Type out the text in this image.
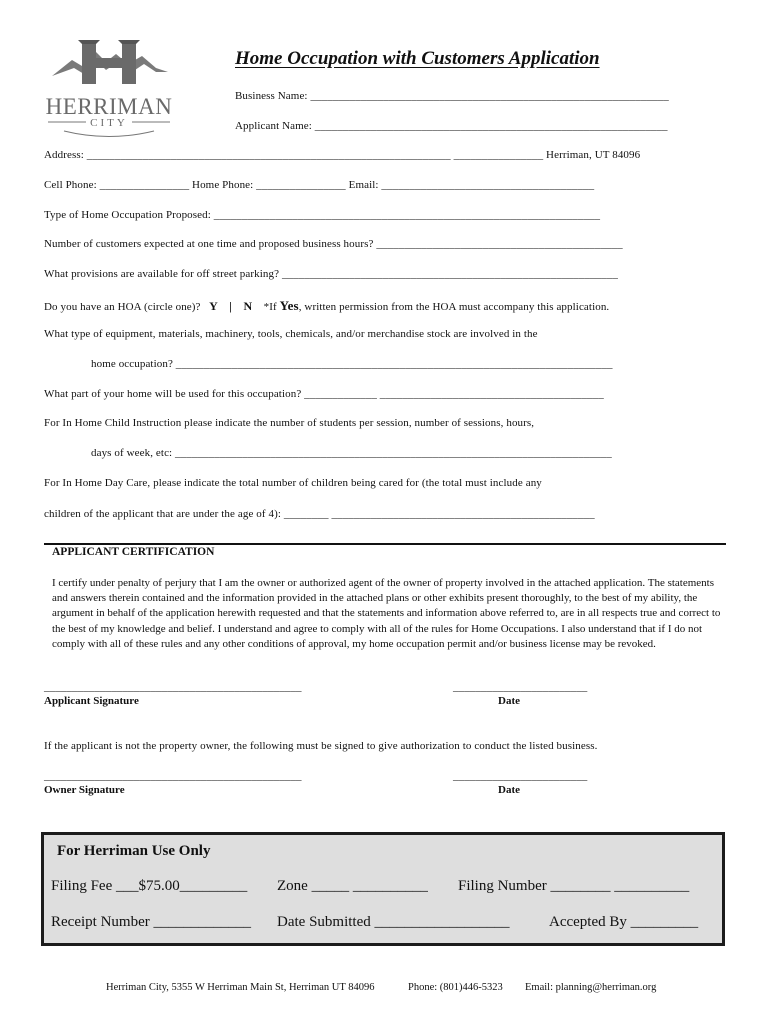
HERRIMAN
CITY
Home Occupation with Customers Application
Business Name: ________________________________________________________________
Applicant Name: _______________________________________________________________
Address: _________________________________________________________________ ________________ Herriman, UT 84096
Cell Phone: ________________ Home Phone: ________________ Email: ______________________________________
Type of Home Occupation Proposed: _____________________________________________________________________
Number of customers expected at one time and proposed business hours? ____________________________________________
What provisions are available for off street parking? ____________________________________________________________
Do you have an HOA (circle one)? Y | N *If Yes, written permission from the HOA must accompany this application.
What type of equipment, materials, machinery, tools, chemicals, and/or merchandise stock are involved in the
home occupation? ______________________________________________________________________________
What part of your home will be used for this occupation? _____________ ________________________________________
For In Home Child Instruction please indicate the number of students per session, number of sessions, hours,
days of week, etc: ______________________________________________________________________________
For In Home Day Care, please indicate the total number of children being cared for (the total must include any
children of the applicant that are under the age of 4): ________ _______________________________________________
APPLICANT CERTIFICATION
I certify under penalty of perjury that I am the owner or authorized agent of the owner of property involved in the attached application. The statements and answers therein contained and the information provided in the attached plans or other exhibits present thoroughly, to the best of my ability, the argument in behalf of the application herewith requested and that the statements and information above referred to, are in all respects true and correct to the best of my knowledge and belief. I understand and agree to comply with all of the rules for Home Occupations. I also understand that if I do not comply with all of these rules and any other conditions of approval, my home occupation permit and/or business license may be revoked.
______________________________________________	________________________
Applicant Signature	Date
If the applicant is not the property owner, the following must be signed to give authorization to conduct the listed business.
______________________________________________	________________________
Owner Signature	Date
For Herriman Use Only
Filing Fee ___$75.00_________ Zone _____ __________ Filing Number ________ __________
Receipt Number _____________ Date Submitted __________________	Accepted By _________
Herriman City, 5355 W Herriman Main St, Herriman UT 84096	Phone: (801)446-5323 Email: planning@herriman.org
